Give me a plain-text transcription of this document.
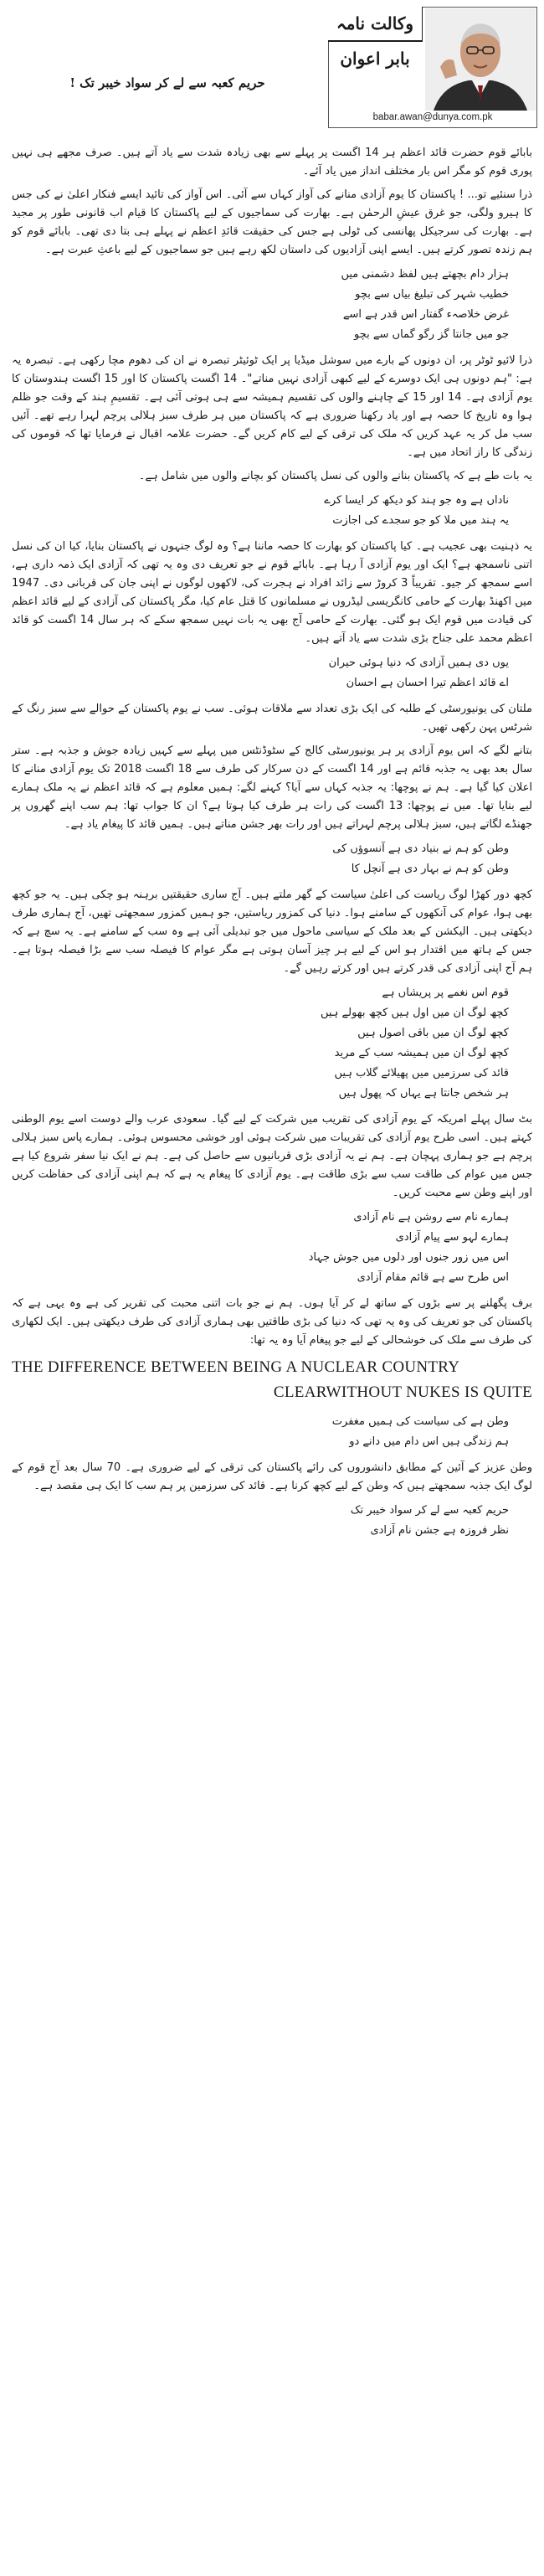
وکالت نامہ
بابر اعوان
babar.awan@dunya.com.pk
حریم کعبہ سے لے کر سواد خیبر تک !

بابائے قوم حضرت قائد اعظم ہر 14 اگست پر پہلے سے بھی زیادہ شدت سے یاد آتے ہیں۔ صرف مجھے ہی نہیں پوری قوم کو مگر اس بار مختلف انداز میں یاد آئے۔

ذرا سنئیے تو... ! پاکستان کا یوم آزادی منانے کی آواز کہاں سے آئی۔ اس آواز کی تائید ایسے فنکار اعلیٰ نے کی جس کا ہیرو ولگی، جو غرق عیشِ الرحمٰن ہے۔ بھارت کی سماجیوں کے لیے پاکستان کا قیام اب قانونی طور پر مجید ہے۔ بھارت کی سرجیکل پھانسی کی ٹولی ہے جس کی حقیقت قائدِ اعظم نے پہلے ہی بتا دی تھی۔ بابائے قوم کو ہم زندہ تصور کرتے ہیں۔ ایسے اپنی آزادیوں کی داستان لکھ رہے ہیں جو سماجیوں کے لیے باعثِ عبرت ہے۔

ہزار دام بچھتے ہیں لفظ دشمنی میں
خطیب شہر کی تبلیغ بیاں سے بچو
غرض خلاصہء گفتار اس قدر ہے اسے
جو میں جانتا گز رگو گماں سے بچو

ذرا لائیو ٹوٹر پر، ان دونوں کے بارے میں سوشل میڈیا پر ایک ٹوئیٹر تبصرہ نے ان کی دھوم مچا رکھی ہے۔ تبصرہ یہ ہے: "ہم دونوں ہی ایک دوسرے کے لیے کبھی آزادی نہیں مناتے"۔ 14 اگست پاکستان کا اور 15 اگست ہندوستان کا یوم آزادی ہے۔ 14 اور 15 کے چاہنے والوں کی تقسیم ہمیشہ سے ہی ہوتی آئی ہے۔ تقسیمِ ہند کے وقت جو ظلم ہوا وہ تاریخ کا حصہ ہے اور یاد رکھنا ضروری ہے کہ پاکستان میں ہر طرف سبز ہلالی پرچم لہرا رہے تھے۔ آئیں سب مل کر یہ عہد کریں کہ ملک کی ترقی کے لیے کام کریں گے۔ حضرت علامہ اقبال نے فرمایا تھا کہ قوموں کی زندگی کا راز اتحاد میں ہے۔

یہ بات طے ہے کہ پاکستان بنانے والوں کی نسل پاکستان کو بچانے والوں میں شامل ہے۔

ناداں ہے وہ جو ہند کو دیکھ کر ایسا کرے
یہ ہند میں ملا کو جو سجدے کی اجازت

یہ ذہنیت بھی عجیب ہے۔ کیا پاکستان کو بھارت کا حصہ ماننا ہے؟ وہ لوگ جنہوں نے پاکستان بنایا، کیا ان کی نسل اتنی ناسمجھ ہے؟ ایک اور یوم آزادی آ رہا ہے۔ بابائے قوم نے جو تعریف دی وہ یہ تھی کہ آزادی ایک ذمہ داری ہے، اسے سمجھ کر جیو۔ تقریباً 3 کروڑ سے زائد افراد نے ہجرت کی، لاکھوں لوگوں نے اپنی جان کی قربانی دی۔ 1947 میں اکھنڈ بھارت کے حامی کانگریسی لیڈروں نے مسلمانوں کا قتل عام کیا، مگر پاکستان کی آزادی کے لیے قائد اعظم کی قیادت میں قوم ایک ہو گئی۔ بھارت کے حامی آج بھی یہ بات نہیں سمجھ سکے کہ ہر سال 14 اگست کو قائد اعظم محمد علی جناح بڑی شدت سے یاد آتے ہیں۔

یوں دی ہمیں آزادی کہ دنیا ہوئی حیران
اے قائد اعظم تیرا احسان ہے احسان

ملتان کی یونیورسٹی کے طلبہ کی ایک بڑی تعداد سے ملاقات ہوئی۔ سب نے یوم پاکستان کے حوالے سے سبز رنگ کے شرٹس پہن رکھی تھیں۔

بتانے لگے کہ اس یوم آزادی پر ہر یونیورسٹی کالج کے سٹوڈنٹس میں پہلے سے کہیں زیادہ جوش و جذبہ ہے۔ ستر سال بعد بھی یہ جذبہ قائم ہے اور 14 اگست کے دن سرکار کی طرف سے 18 اگست 2018 تک یوم آزادی منانے کا اعلان کیا گیا ہے۔ ہم نے پوچھا: یہ جذبہ کہاں سے آیا؟ کہنے لگے: ہمیں معلوم ہے کہ قائد اعظم نے یہ ملک ہمارے لیے بنایا تھا۔ میں نے پوچھا: 13 اگست کی رات ہر طرف کیا ہوتا ہے؟ ان کا جواب تھا: ہم سب اپنے گھروں پر جھنڈے لگاتے ہیں، سبز ہلالی پرچم لہراتے ہیں اور رات بھر جشن مناتے ہیں۔ ہمیں قائد کا پیغام یاد ہے۔

وطن کو ہم نے بنیاد دی ہے آنسوؤں کی
وطن کو ہم نے بہار دی ہے آنچل کا

کچھ دور کھڑا لوگ ریاست کی اعلیٰ سیاست کے گھر ملتے ہیں۔ آج ساری حقیقتیں برہنہ ہو چکی ہیں۔ یہ جو کچھ بھی ہوا، عوام کی آنکھوں کے سامنے ہوا۔ دنیا کی کمزور ریاستیں، جو ہمیں کمزور سمجھتی تھیں، آج ہماری طرف دیکھتی ہیں۔ الیکشن کے بعد ملک کے سیاسی ماحول میں جو تبدیلی آئی ہے وہ سب کے سامنے ہے۔ یہ سچ ہے کہ جس کے ہاتھ میں اقتدار ہو اس کے لیے ہر چیز آسان ہوتی ہے مگر عوام کا فیصلہ سب سے بڑا فیصلہ ہوتا ہے۔ ہم آج اپنی آزادی کی قدر کرتے ہیں اور کرتے رہیں گے۔

قوم اس نغمے پر پریشاں ہے
کچھ لوگ ان میں اول ہیں کچھ بھولے ہیں
کچھ لوگ ان میں باقی اصول ہیں
کچھ لوگ ان میں ہمیشہ سب کے مرید
قائد کی سرزمیں میں پھیلائے گلاب ہیں
ہر شخص جانتا ہے یہاں کہ پھول ہیں

بٹ سال پہلے امریکہ کے یوم آزادی کی تقریب میں شرکت کے لیے گیا۔ سعودی عرب والے دوست اسے یوم الوطنی کہتے ہیں۔ اسی طرح یوم آزادی کی تقریبات میں شرکت ہوئی اور خوشی محسوس ہوئی۔ ہمارے پاس سبز ہلالی پرچم ہے جو ہماری پہچان ہے۔ ہم نے یہ آزادی بڑی قربانیوں سے حاصل کی ہے۔ ہم نے ایک نیا سفر شروع کیا ہے جس میں عوام کی طاقت سب سے بڑی طاقت ہے۔ یوم آزادی کا پیغام یہ ہے کہ ہم اپنی آزادی کی حفاظت کریں اور اپنے وطن سے محبت کریں۔

ہمارے نام سے روشن ہے نام آزادی
ہمارے لہو سے پیام آزادی
اس میں زور جنوں اور دلوں میں جوش جہاد
اس طرح سے ہے قائم مقام آزادی

برف پگھلنے پر سے بڑوں کے ساتھ لے کر آیا ہوں۔ ہم نے جو بات اتنی محبت کی تقریر کی ہے وہ یہی ہے کہ پاکستان کی جو تعریف کی وہ یہ تھی کہ دنیا کی بڑی طاقتیں بھی ہماری آزادی کی طرف دیکھتی ہیں۔ ایک لکھاری کی طرف سے ملک کی خوشحالی کے لیے جو پیغام آیا وہ یہ تھا:

THE DIFFERENCE BETWEEN BEING A NUCLEAR COUNTRY
CLEARWITHOUT NUKES IS QUITE
وطن ہے کی سیاست کی ہمیں مغفرت
ہم زندگی ہیں اس دام میں دانے دو

وطن عزیز کے آئین کے مطابق دانشوروں کی رائے پاکستان کی ترقی کے لیے ضروری ہے۔ 70 سال بعد آج قوم کے لوگ ایک جذبہ سمجھتے ہیں کہ وطن کے لیے کچھ کرنا ہے۔ قائد کی سرزمین پر ہم سب کا ایک ہی مقصد ہے۔

حریم کعبہ سے لے کر سواد خیبر تک
نظر فروزہ ہے جشن نام آزادی
